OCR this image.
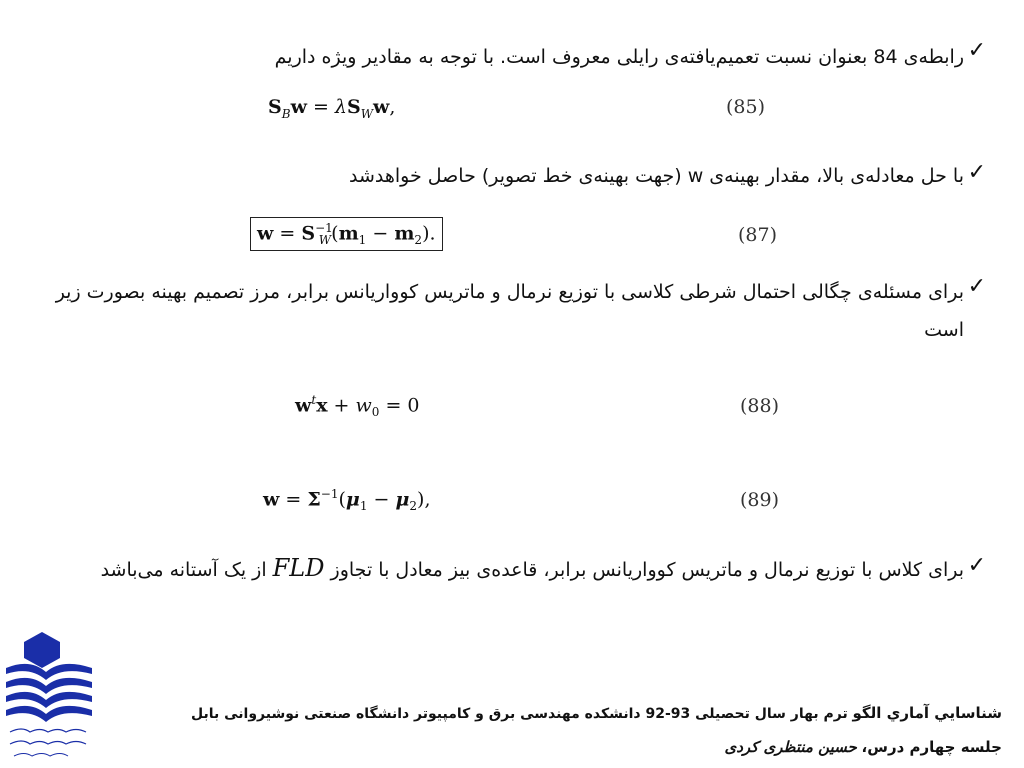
✓
رابطه‌ی 84 بعنوان نسبت تعمیم‌یافته‌ی رایلی معروف است. با توجه به مقادیر ویژه داریم
$S_Bw = \lambda S_Ww$,	(85)
✓
با حل معادله‌ی بالا، مقدار بهینه‌ی w (جهت بهینه‌ی خط تصویر) حاصل خواهدشد
$w = S^{-1}_W(m_1 - m_2)$.	(87)
✓
برای مسئله‌ی چگالی احتمال شرطی کلاسی با توزیع نرمال و ماتریس کوواریانس برابر، مرز تصمیم بهینه بصورت زیر است
$w^tx + w_0 = 0$	(88)
$w = \Sigma^{-1}(\mu_1 - \mu_2)$,	(89)
✓
برای کلاس با توزیع نرمال و ماتریس کوواریانس برابر، قاعده‌ی بیز معادل با تجاوز FLD از یک آستانه می‌باشد
شناسايي آماري الگو ترم بهار سال تحصیلی 93-92 دانشکده مهندسی برق و کامپیوتر دانشگاه صنعتی نوشیروانی بابل
جلسه چهارم درس، حسین منتظری کردی
